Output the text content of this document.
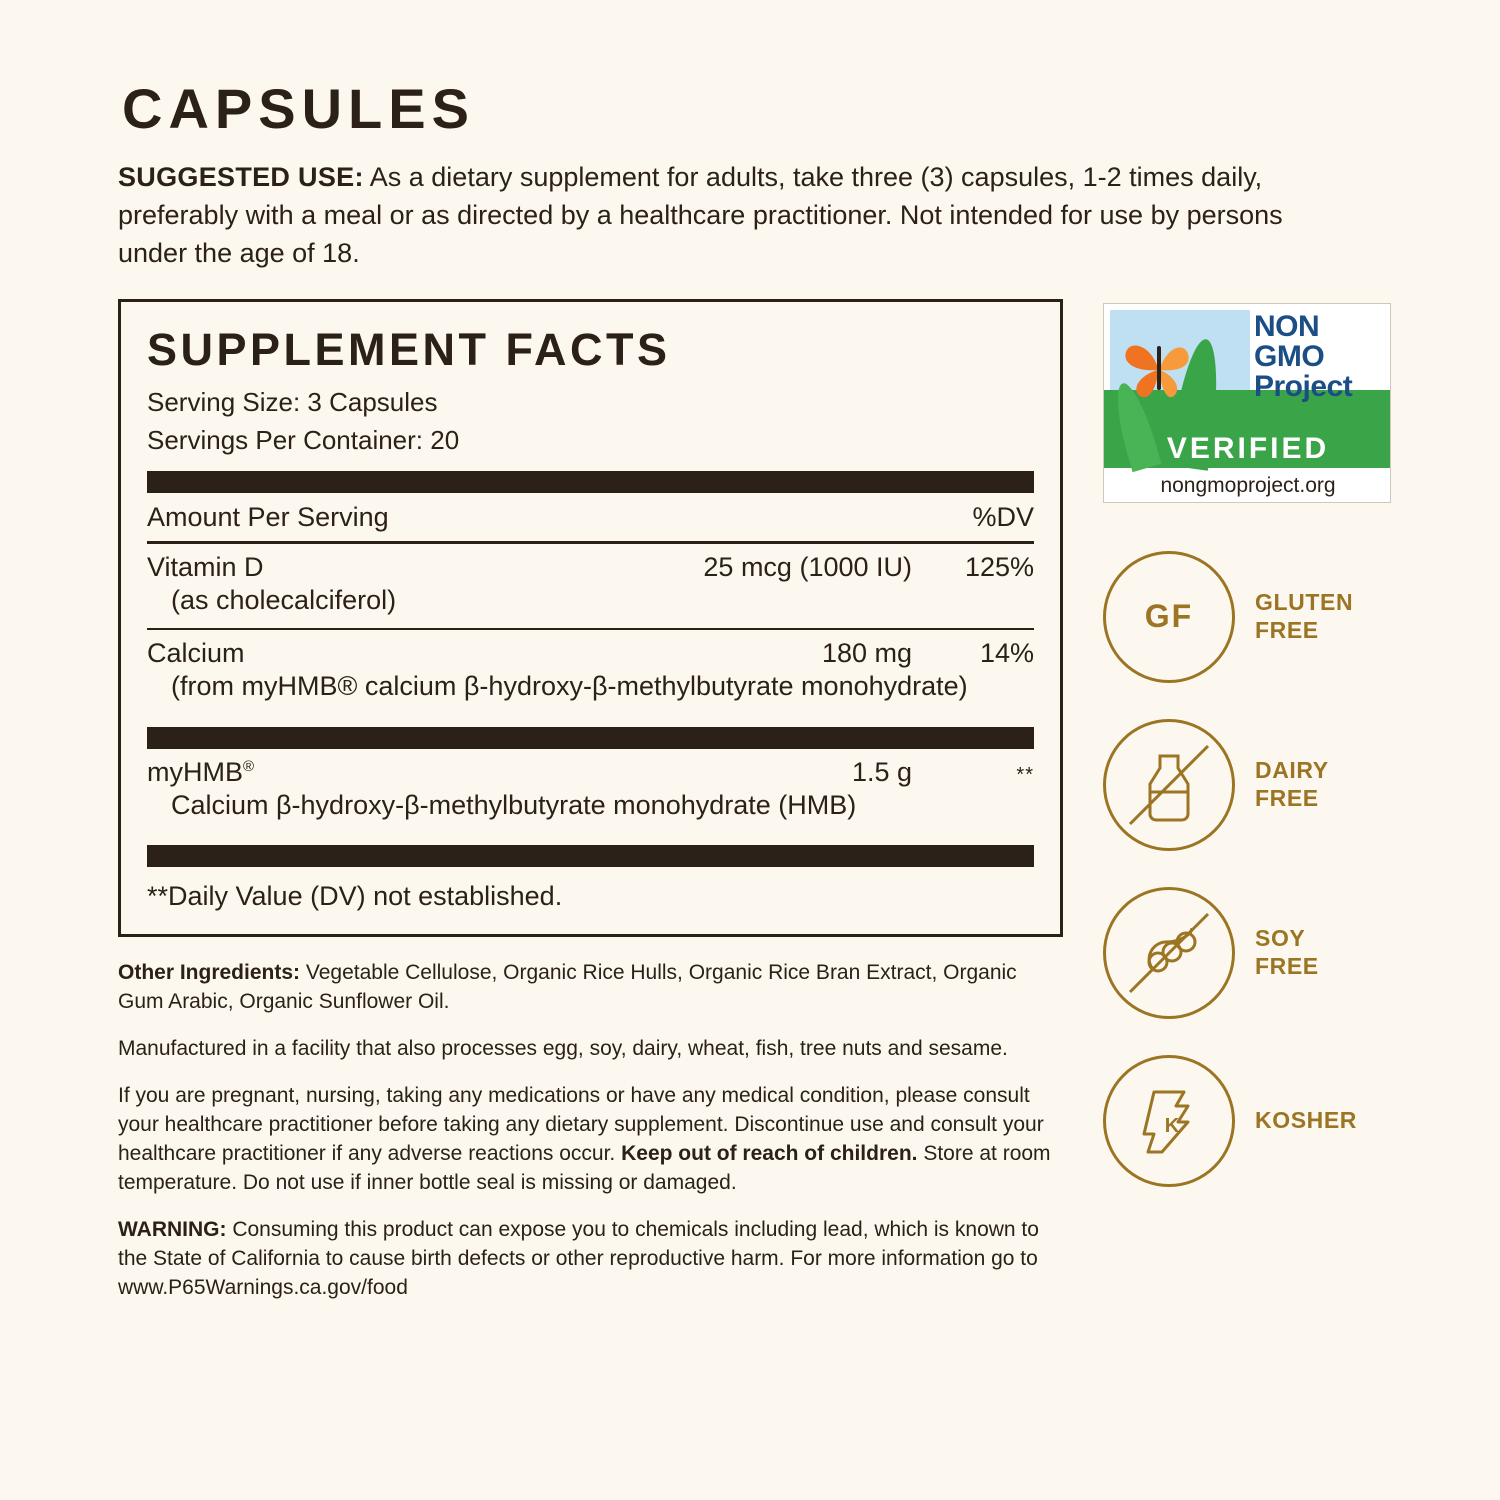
CAPSULES
SUGGESTED USE: As a dietary supplement for adults, take three (3) capsules, 1-2 times daily, preferably with a meal or as directed by a healthcare practitioner. Not intended for use by persons under the age of 18.
SUPPLEMENT FACTS
Serving Size: 3 Capsules
Servings Per Container: 20
Amount Per Serving	%DV
Vitamin D	25 mcg (1000 IU)	125%
(as cholecalciferol)
Calcium	180 mg	14%
(from myHMB® calcium β-hydroxy-β-methylbutyrate monohydrate)
myHMB®	1.5 g	**
Calcium β-hydroxy-β-methylbutyrate monohydrate (HMB)
**Daily Value (DV) not established.

Other Ingredients: Vegetable Cellulose, Organic Rice Hulls, Organic Rice Bran Extract, Organic Gum Arabic, Organic Sunflower Oil.

Manufactured in a facility that also processes egg, soy, dairy, wheat, fish, tree nuts and sesame.

If you are pregnant, nursing, taking any medications or have any medical condition, please consult your healthcare practitioner before taking any dietary supplement. Discontinue use and consult your healthcare practitioner if any adverse reactions occur. Keep out of reach of children. Store at room temperature. Do not use if inner bottle seal is missing or damaged.

WARNING: Consuming this product can expose you to chemicals including lead, which is known to the State of California to cause birth defects or other reproductive harm. For more information go to www.P65Warnings.ca.gov/food

NON
GMO
Project
VERIFIED
nongmoproject.org
GF	GLUTEN
FREE
DAIRY
FREE
SOY
FREE
K	KOSHER
